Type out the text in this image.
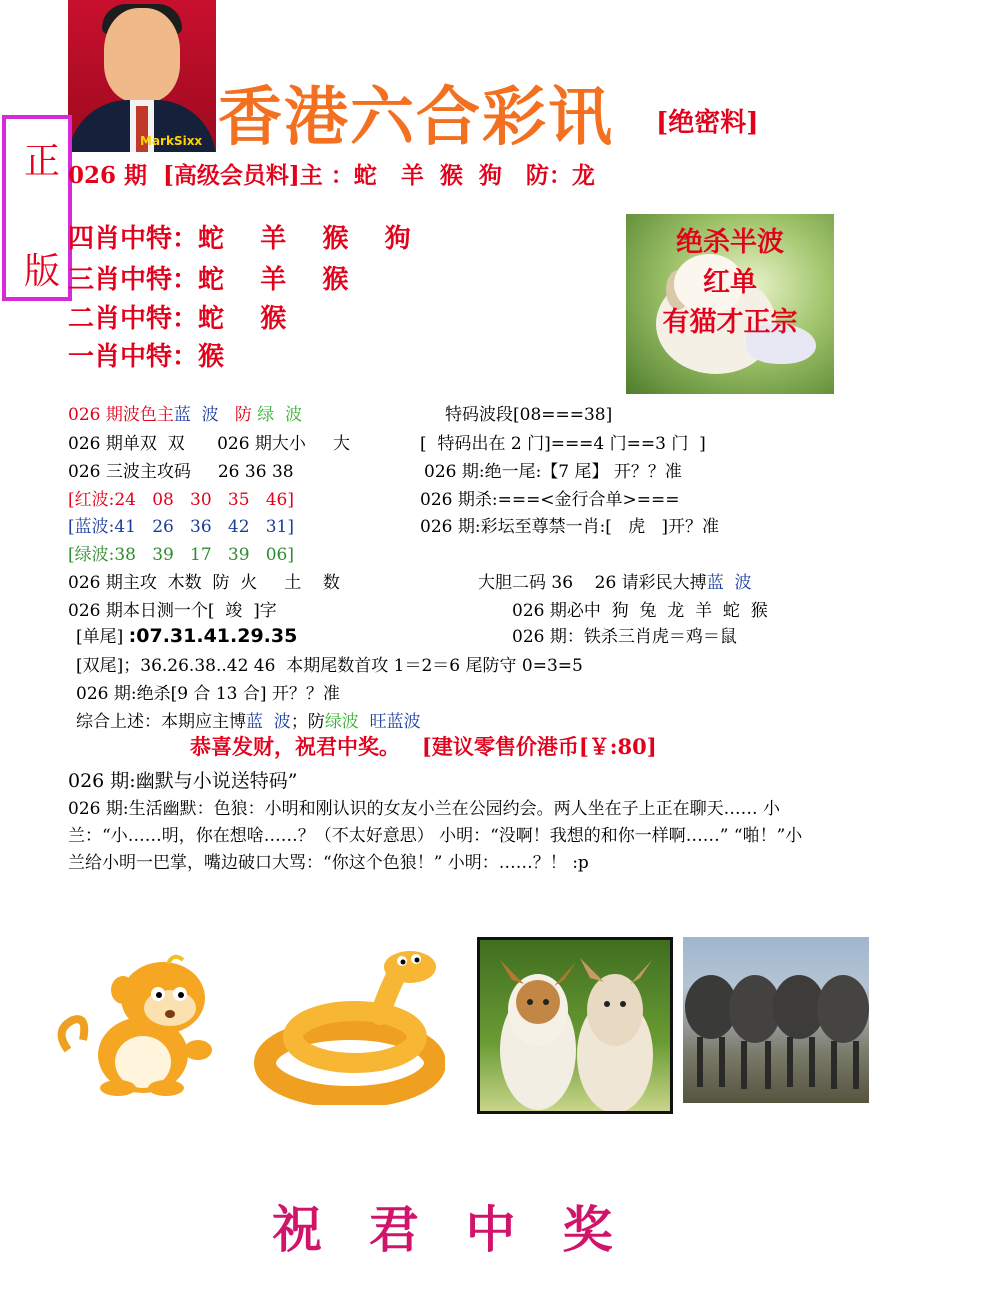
MarkSixx 香港六合彩讯 [绝密料]
正
版
026 期  [高级会员料]主 ：蛇   羊  猴  狗   防：龙
四肖中特：蛇    羊    猴    狗
三肖中特：蛇    羊    猴
二肖中特：蛇    猴
一肖中特：猴
绝杀半波
红单
有猫才正宗
026 期波色主蓝  波   防 绿  波
026 期单双  双      026 期大小     大
026 三波主攻码     26 36 38
[红波:24   08   30   35   46]
[蓝波:41   26   36   42   31]
[绿波:38   39   17   39   06]
026 期主攻  木数  防  火     土    数
026 期本日测一个[  竣  ]字
[单尾] :07.31.41.29.35
[双尾]；36.26.38..42 46  本期尾数首攻 1＝2＝6 尾防守 0=3=5
026 期:绝杀[9 合 13 合] 开？？准
综合上述：本期应主博蓝  波；防绿波 旺蓝波
特码波段[08===38]
[  特码出在 2 门]===4 门==3 门  ]
026 期:绝一尾:【7 尾】 开？？准
026 期杀:===<金行合单>===
026 期:彩坛至尊禁一肖:[   虎   ]开？准
大胆二码 36    26 请彩民大搏蓝  波
026 期必中  狗  兔  龙  羊  蛇  猴
026 期：铁杀三肖虎＝鸡＝鼠
恭喜发财，祝君中奖。   [建议零售价港币[￥:80]
026 期:幽默与小说送特码”
026 期:生活幽默：色狼：小明和刚认识的女友小兰在公园约会。两人坐在子上正在聊天…… 小兰：“小……明，你在想啥……？（不太好意思） 小明：“没啊！我想的和你一样啊……” “啪！”小兰给小明一巴掌，嘴边破口大骂：“你这个色狼！” 小明：……？！ :p
祝  君  中  奖
